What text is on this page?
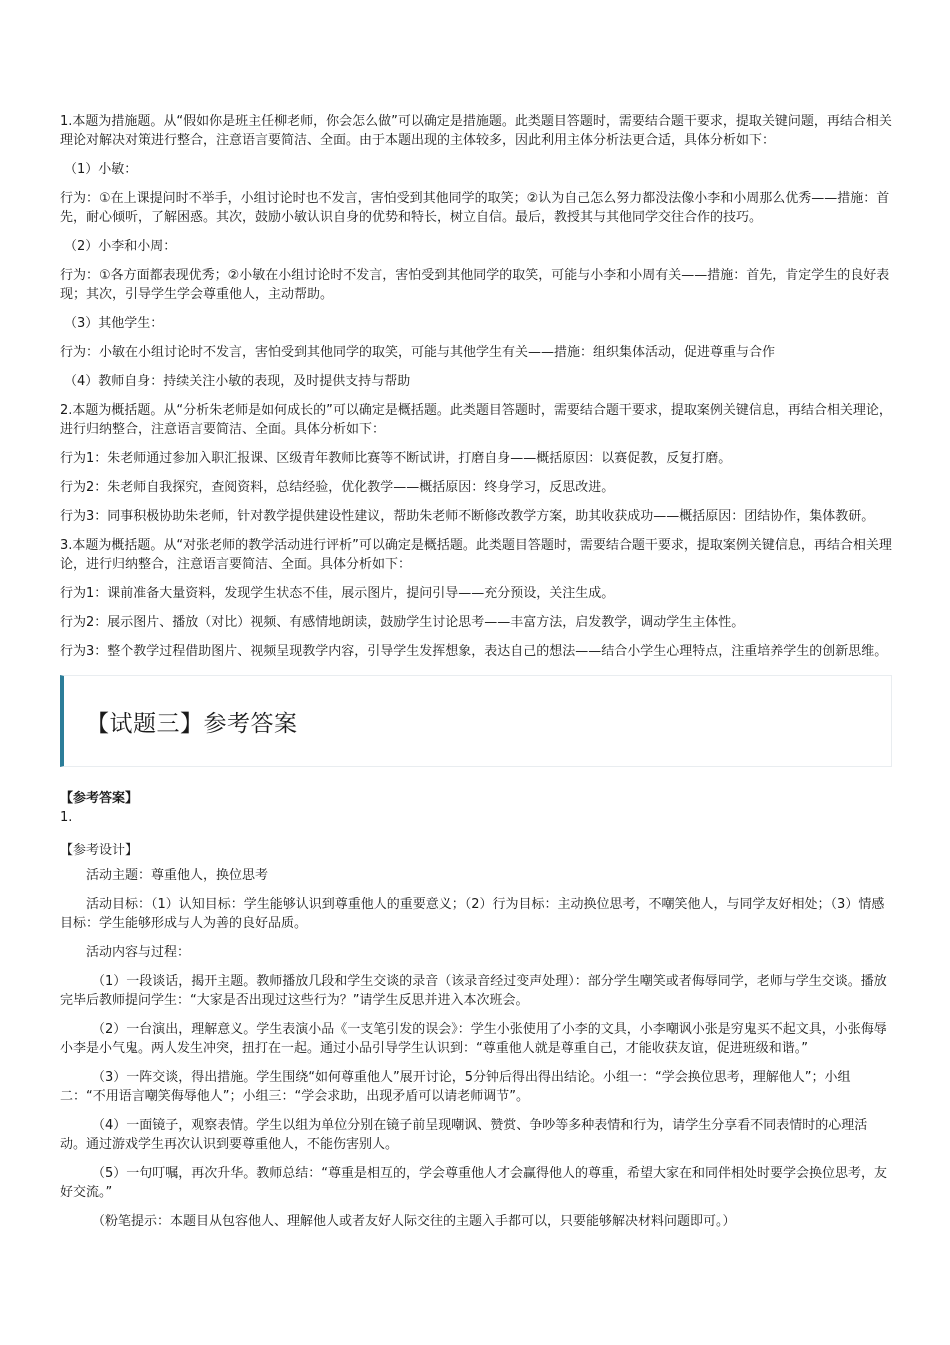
1.本题为措施题。从“假如你是班主任柳老师，你会怎么做”可以确定是措施题。此类题目答题时，需要结合题干要求，提取关键问题，再结合相关理论对解决对策进行整合，注意语言要简洁、全面。由于本题出现的主体较多，因此利用主体分析法更合适，具体分析如下：

（1）小敏：

行为：①在上课提问时不举手，小组讨论时也不发言，害怕受到其他同学的取笑；②认为自己怎么努力都没法像小李和小周那么优秀——措施：首先，耐心倾听，了解困惑。其次，鼓励小敏认识自身的优势和特长，树立自信。最后，教授其与其他同学交往合作的技巧。

（2）小李和小周：

行为：①各方面都表现优秀；②小敏在小组讨论时不发言，害怕受到其他同学的取笑，可能与小李和小周有关——措施：首先，肯定学生的良好表现；其次，引导学生学会尊重他人，主动帮助。

（3）其他学生：

行为：小敏在小组讨论时不发言，害怕受到其他同学的取笑，可能与其他学生有关——措施：组织集体活动，促进尊重与合作

（4）教师自身：持续关注小敏的表现，及时提供支持与帮助

2.本题为概括题。从“分析朱老师是如何成长的”可以确定是概括题。此类题目答题时，需要结合题干要求，提取案例关键信息，再结合相关理论，进行归纳整合，注意语言要简洁、全面。具体分析如下：

行为1：朱老师通过参加入职汇报课、区级青年教师比赛等不断试讲，打磨自身——概括原因：以赛促教，反复打磨。

行为2：朱老师自我探究，查阅资料，总结经验，优化教学——概括原因：终身学习，反思改进。

行为3：同事积极协助朱老师，针对教学提供建设性建议，帮助朱老师不断修改教学方案，助其收获成功——概括原因：团结协作，集体教研。

3.本题为概括题。从“对张老师的教学活动进行评析”可以确定是概括题。此类题目答题时，需要结合题干要求，提取案例关键信息，再结合相关理论，进行归纳整合，注意语言要简洁、全面。具体分析如下：

行为1：课前准备大量资料，发现学生状态不佳，展示图片，提问引导——充分预设，关注生成。

行为2：展示图片、播放（对比）视频、有感情地朗读，鼓励学生讨论思考——丰富方法，启发教学，调动学生主体性。

行为3：整个教学过程借助图片、视频呈现教学内容，引导学生发挥想象，表达自己的想法——结合小学生心理特点，注重培养学生的创新思维。

【试题三】参考答案

【参考答案】

1.

【参考设计】

活动主题：尊重他人，换位思考

活动目标：（1）认知目标：学生能够认识到尊重他人的重要意义；（2）行为目标：主动换位思考，不嘲笑他人，与同学友好相处；（3）情感目标：学生能够形成与人为善的良好品质。

活动内容与过程：

（1）一段谈话，揭开主题。教师播放几段和学生交谈的录音（该录音经过变声处理）：部分学生嘲笑或者侮辱同学，老师与学生交谈。播放完毕后教师提问学生：“大家是否出现过这些行为？”请学生反思并进入本次班会。

（2）一台演出，理解意义。学生表演小品《一支笔引发的误会》：学生小张使用了小李的文具，小李嘲讽小张是穷鬼买不起文具，小张侮辱小李是小气鬼。两人发生冲突，扭打在一起。通过小品引导学生认识到：“尊重他人就是尊重自己，才能收获友谊，促进班级和谐。”

（3）一阵交谈，得出措施。学生围绕“如何尊重他人”展开讨论，5分钟后得出得出结论。小组一：“学会换位思考，理解他人”；小组二：“不用语言嘲笑侮辱他人”；小组三：“学会求助，出现矛盾可以请老师调节”。

（4）一面镜子，观察表情。学生以组为单位分别在镜子前呈现嘲讽、赞赏、争吵等多种表情和行为，请学生分享看不同表情时的心理活动。通过游戏学生再次认识到要尊重他人，不能伤害别人。

（5）一句叮嘱，再次升华。教师总结：“尊重是相互的，学会尊重他人才会赢得他人的尊重，希望大家在和同伴相处时要学会换位思考，友好交流。”

（粉笔提示：本题目从包容他人、理解他人或者友好人际交往的主题入手都可以，只要能够解决材料问题即可。）
